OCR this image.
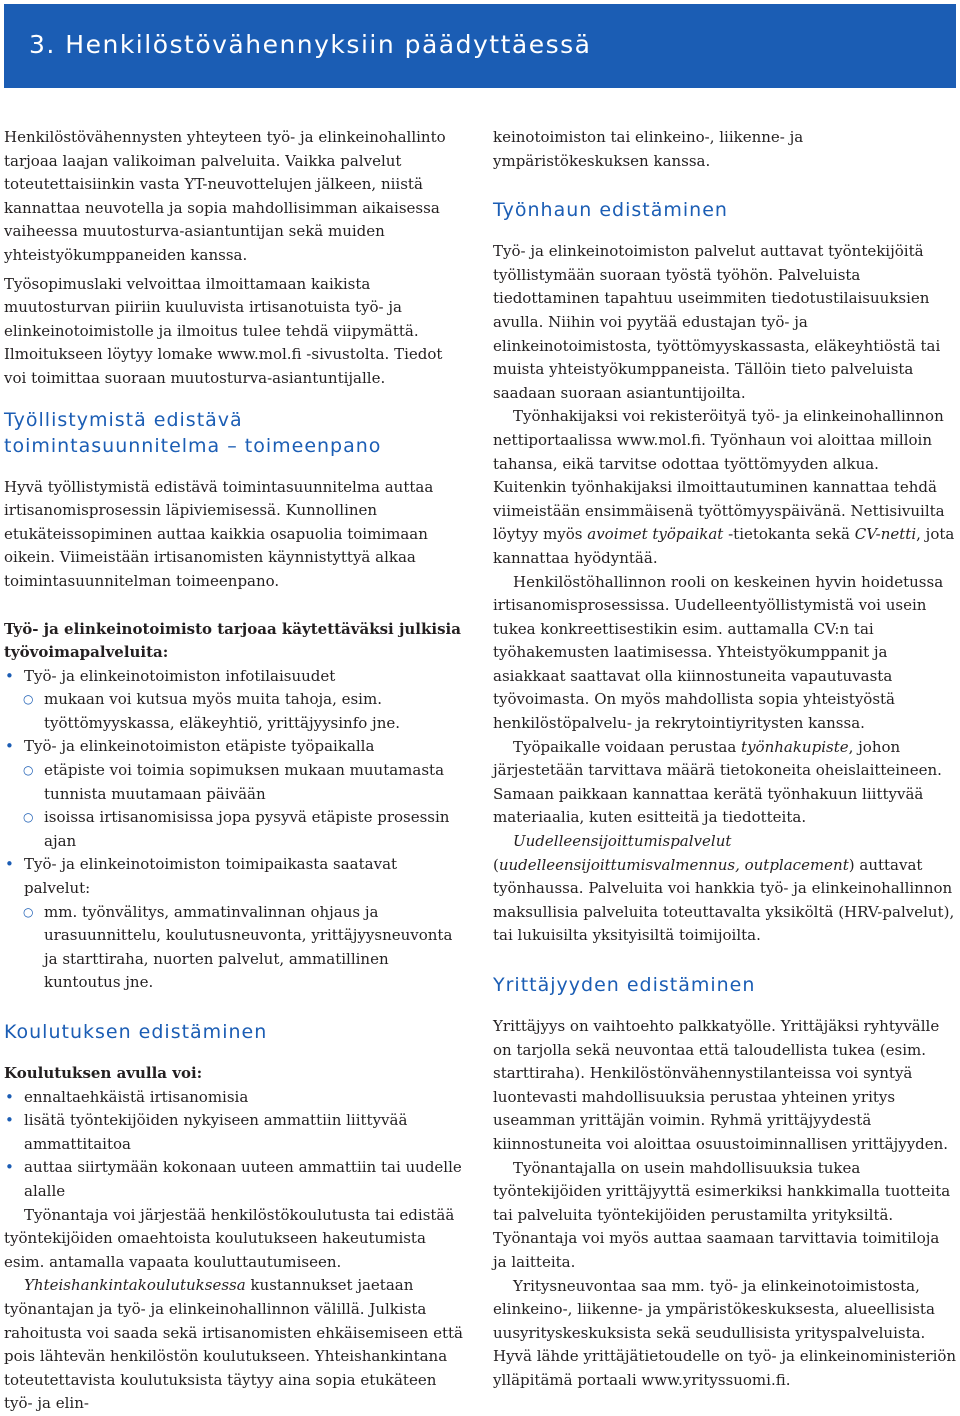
3. Henkilöstövähennyksiin päädyttäessä

Henkilöstövähennysten yhteyteen työ- ja elinkeinohallinto tarjoaa laajan valikoiman palveluita. Vaikka palvelut toteutettaisiinkin vasta YT-neuvottelujen jälkeen, niistä kannattaa neuvotella ja sopia mahdollisimman aikaisessa vaiheessa muutosturva-asiantuntijan sekä muiden yhteistyökumppaneiden kanssa.

Työsopimuslaki velvoittaa ilmoittamaan kaikista muutosturvan piiriin kuuluvista irtisanotuista työ- ja elinkeinotoimistolle ja ilmoitus tulee tehdä viipymättä. Ilmoitukseen löytyy lomake www.mol.fi -sivustolta. Tiedot voi toimittaa suoraan muutosturva-asiantuntijalle.

Työllistymistä edistävä
toimintasuunnitelma – toimeenpano

Hyvä työllistymistä edistävä toimintasuunnitelma auttaa irtisanomisprosessin läpiviemisessä. Kunnollinen etukäteissopiminen auttaa kaikkia osapuolia toimimaan oikein. Viimeistään irtisanomisten käynnistyttyä alkaa toimintasuunnitelman toimeenpano.

Työ- ja elinkeinotoimisto tarjoaa käytettäväksi julkisia työvoimapalveluita:

• Työ- ja elinkeinotoimiston infotilaisuudet
○ mukaan voi kutsua myös muita tahoja, esim. työttömyyskassa, eläkeyhtiö, yrittäjyysinfo jne.
• Työ- ja elinkeinotoimiston etäpiste työpaikalla
○ etäpiste voi toimia sopimuksen mukaan muutamasta tunnista muutamaan päivään
○ isoissa irtisanomisissa jopa pysyvä etäpiste prosessin ajan
• Työ- ja elinkeinotoimiston toimipaikasta saatavat palvelut:
○ mm. työnvälitys, ammatinvalinnan ohjaus ja urasuunnittelu, koulutusneuvonta, yrittäjyysneuvonta ja starttiraha, nuorten palvelut, ammatillinen kuntoutus jne.
Koulutuksen edistäminen

Koulutuksen avulla voi:

• ennaltaehkäistä irtisanomisia
• lisätä työntekijöiden nykyiseen ammattiin liittyvää ammattitaitoa
• auttaa siirtymään kokonaan uuteen ammattiin tai uudelle alalle

Työnantaja voi järjestää henkilöstökoulutusta tai edistää työntekijöiden omaehtoista koulutukseen hakeutumista esim. antamalla vapaata kouluttautumiseen.

Yhteishankintakoulutuksessa kustannukset jaetaan työnantajan ja työ- ja elinkeinohallinnon välillä. Julkista rahoitusta voi saada sekä irtisanomisten ehkäisemiseen että pois lähtevän henkilöstön koulutukseen. Yhteishankintana toteutettavista koulutuksista täytyy aina sopia etukäteen työ- ja elin-

keinotoimiston tai elinkeino-, liikenne- ja ympäristökeskuksen kanssa.

Työnhaun edistäminen

Työ- ja elinkeinotoimiston palvelut auttavat työntekijöitä työllistymään suoraan työstä työhön. Palveluista tiedottaminen tapahtuu useimmiten tiedotustilaisuuksien avulla. Niihin voi pyytää edustajan työ- ja elinkeinotoimistosta, työttömyyskassasta, eläkeyhtiöstä tai muista yhteistyökumppaneista. Tällöin tieto palveluista saadaan suoraan asiantuntijoilta.

Työnhakijaksi voi rekisteröityä työ- ja elinkeinohallinnon nettiportaalissa www.mol.fi. Työnhaun voi aloittaa milloin tahansa, eikä tarvitse odottaa työttömyyden alkua. Kuitenkin työnhakijaksi ilmoittautuminen kannattaa tehdä viimeistään ensimmäisenä työttömyyspäivänä. Nettisivuilta löytyy myös avoimet työpaikat -tietokanta sekä CV-netti, jota kannattaa hyödyntää.

Henkilöstöhallinnon rooli on keskeinen hyvin hoidetussa irtisanomisprosessissa. Uudelleentyöllistymistä voi usein tukea konkreettisestikin esim. auttamalla CV:n tai työhakemusten laatimisessa. Yhteistyökumppanit ja asiakkaat saattavat olla kiinnostuneita vapautuvasta työvoimasta. On myös mahdollista sopia yhteistyöstä henkilöstöpalvelu- ja rekrytointiyritysten kanssa.

Työpaikalle voidaan perustaa työnhakupiste, johon järjestetään tarvittava määrä tietokoneita oheislaitteineen. Samaan paikkaan kannattaa kerätä työnhakuun liittyvää materiaalia, kuten esitteitä ja tiedotteita.

Uudelleensijoittumispalvelut (uudelleensijoittumisvalmennus, outplacement) auttavat työnhaussa. Palveluita voi hankkia työ- ja elinkeinohallinnon maksullisia palveluita toteuttavalta yksiköltä (HRV-palvelut), tai lukuisilta yksityisiltä toimijoilta.

Yrittäjyyden edistäminen

Yrittäjyys on vaihtoehto palkkatyölle. Yrittäjäksi ryhtyvälle on tarjolla sekä neuvontaa että taloudellista tukea (esim. starttiraha). Henkilöstönvähennystilanteissa voi syntyä luontevasti mahdollisuuksia perustaa yhteinen yritys useamman yrittäjän voimin. Ryhmä yrittäjyydestä kiinnostuneita voi aloittaa osuustoiminnallisen yrittäjyyden.

Työnantajalla on usein mahdollisuuksia tukea työntekijöiden yrittäjyyttä esimerkiksi hankkimalla tuotteita tai palveluita työntekijöiden perustamilta yrityksiltä. Työnantaja voi myös auttaa saamaan tarvittavia toimitiloja ja laitteita.

Yritysneuvontaa saa mm. työ- ja elinkeinotoimistosta, elinkeino-, liikenne- ja ympäristökeskuksesta, alueellisista uusyrityskeskuksista sekä seudullisista yrityspalveluista. Hyvä lähde yrittäjätietoudelle on työ- ja elinkeinoministeriön ylläpitämä portaali www.yrityssuomi.fi.
